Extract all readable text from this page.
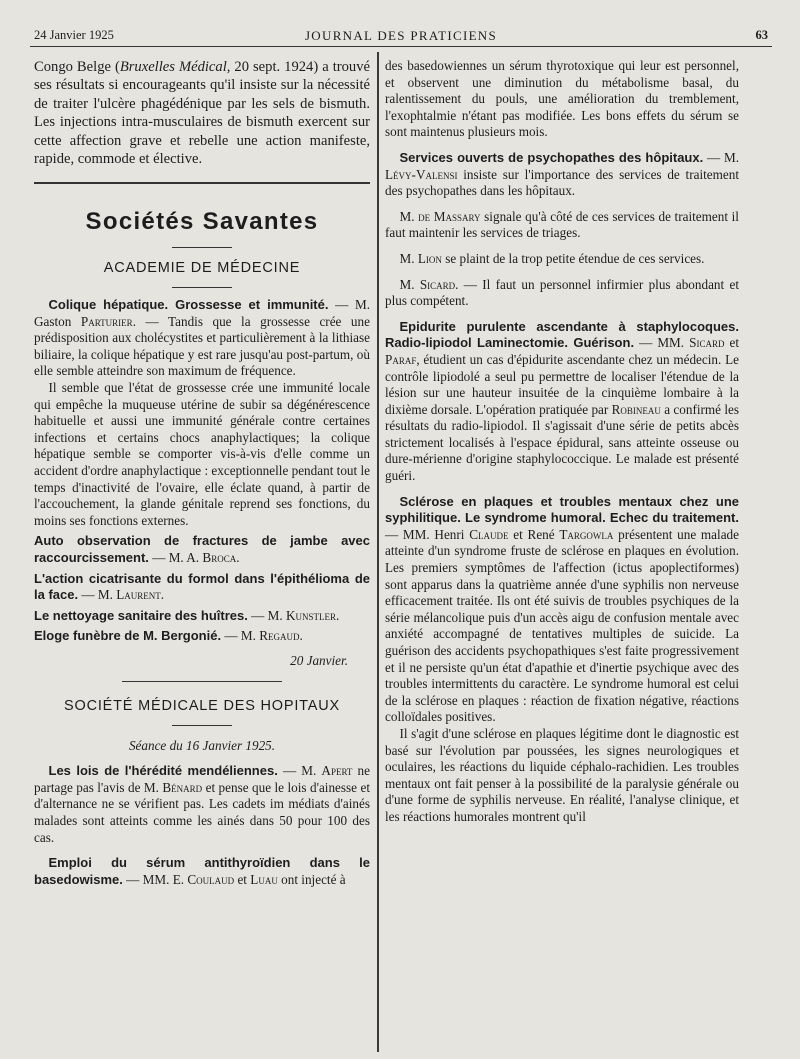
24 Janvier 1925	JOURNAL DES PRATICIENS	63

Congo Belge (Bruxelles Médical, 20 sept. 1924) a trouvé ses résultats si encourageants qu'il insiste sur la nécessité de traiter l'ulcère phagédénique par les sels de bismuth. Les injections intra-musculaires de bismuth exercent sur cette affection grave et rebelle une action manifeste, rapide, commode et élective.

Sociétés Savantes
ACADEMIE DE MÉDECINE

Colique hépatique. Grossesse et immunité. — M. Gaston Parturier. — Tandis que la grossesse crée une prédisposition aux cholécystites et particulièrement à la lithiase biliaire, la colique hépatique y est rare jusqu'au post-partum, où elle semble atteindre son maximum de fréquence.

Il semble que l'état de grossesse crée une immunité locale qui empêche la muqueuse utérine de subir sa dégénérescence habituelle et aussi une immunité générale contre certaines infections et certains chocs anaphylactiques; la colique hépatique semble se comporter vis-à-vis d'elle comme un accident d'ordre anaphylactique : exceptionnelle pendant tout le temps d'inactivité de l'ovaire, elle éclate quand, à partir de l'accouchement, la glande génitale reprend ses fonctions, du moins ses fonctions externes.

Auto observation de fractures de jambe avec raccourcissement. — M. A. Broca.

L'action cicatrisante du formol dans l'épithélioma de la face. — M. Laurent.

Le nettoyage sanitaire des huîtres. — M. Kunstler.

Eloge funèbre de M. Bergonié. — M. Regaud.

20 Janvier.
SOCIÉTÉ MÉDICALE DES HOPITAUX
Séance du 16 Janvier 1925.

Les lois de l'hérédité mendéliennes. — M. Apert ne partage pas l'avis de M. Bénard et pense que le lois d'ainesse et d'alternance ne se vérifient pas. Les cadets im médiats d'ainés malades sont atteints comme les ainés dans 50 pour 100 des cas.

Emploi du sérum antithyroïdien dans le basedowisme. — MM. E. Coulaud et Luau ont injecté à

des basedowiennes un sérum thyrotoxique qui leur est personnel, et observent une diminution du métabolisme basal, du ralentissement du pouls, une amélioration du tremblement, l'exophtalmie n'étant pas modifiée. Les bons effets du sérum se sont maintenus plusieurs mois.

Services ouverts de psychopathes des hôpitaux. — M. Lévy-Valensi insiste sur l'importance des services de traitement des psychopathes dans les hôpitaux.

M. de Massary signale qu'à côté de ces services de traitement il faut maintenir les services de triages.

M. Lion se plaint de la trop petite étendue de ces services.

M. Sicard. — Il faut un personnel infirmier plus abondant et plus compétent.

Epidurite purulente ascendante à staphylocoques. Radio-lipiodol Laminectomie. Guérison. — MM. Sicard et Paraf, étudient un cas d'épidurite ascendante chez un médecin. Le contrôle lipiodolé a seul pu permettre de localiser l'étendue de la lésion sur une hauteur insuitée de la cinquième lombaire à la dixième dorsale. L'opération pratiquée par Robineau a confirmé les résultats du radio-lipiodol. Il s'agissait d'une série de petits abcès strictement localisés à l'espace épidural, sans atteinte osseuse ou dure-mérienne d'origine staphylococcique. Le malade est présenté guéri.

Sclérose en plaques et troubles mentaux chez une syphilitique. Le syndrome humoral. Echec du traitement. — MM. Henri Claude et René Targowla présentent une malade atteinte d'un syndrome fruste de sclérose en plaques en évolution. Les premiers symptômes de l'affection (ictus apoplectiformes) sont apparus dans la quatrième année d'une syphilis non nerveuse efficacement traitée. Ils ont été suivis de troubles psychiques de la série mélancolique puis d'un accès aigu de confusion mentale avec anxiété accompagné de tentatives multiples de suicide. La guérison des accidents psychopathiques s'est faite progressivement et il ne persiste qu'un état d'apathie et d'inertie psychique avec des troubles intermittents du caractère. Le syndrome humoral est celui de la sclérose en plaques : réaction de fixation négative, réactions colloïdales positives.

Il s'agit d'une sclérose en plaques légitime dont le diagnostic est basé sur l'évolution par poussées, les signes neurologiques et oculaires, les réactions du liquide céphalo-rachidien. Les troubles mentaux ont fait penser à la possibilité de la paralysie générale ou d'une forme de syphilis nerveuse. En réalité, l'analyse clinique, et les réactions humorales montrent qu'il
